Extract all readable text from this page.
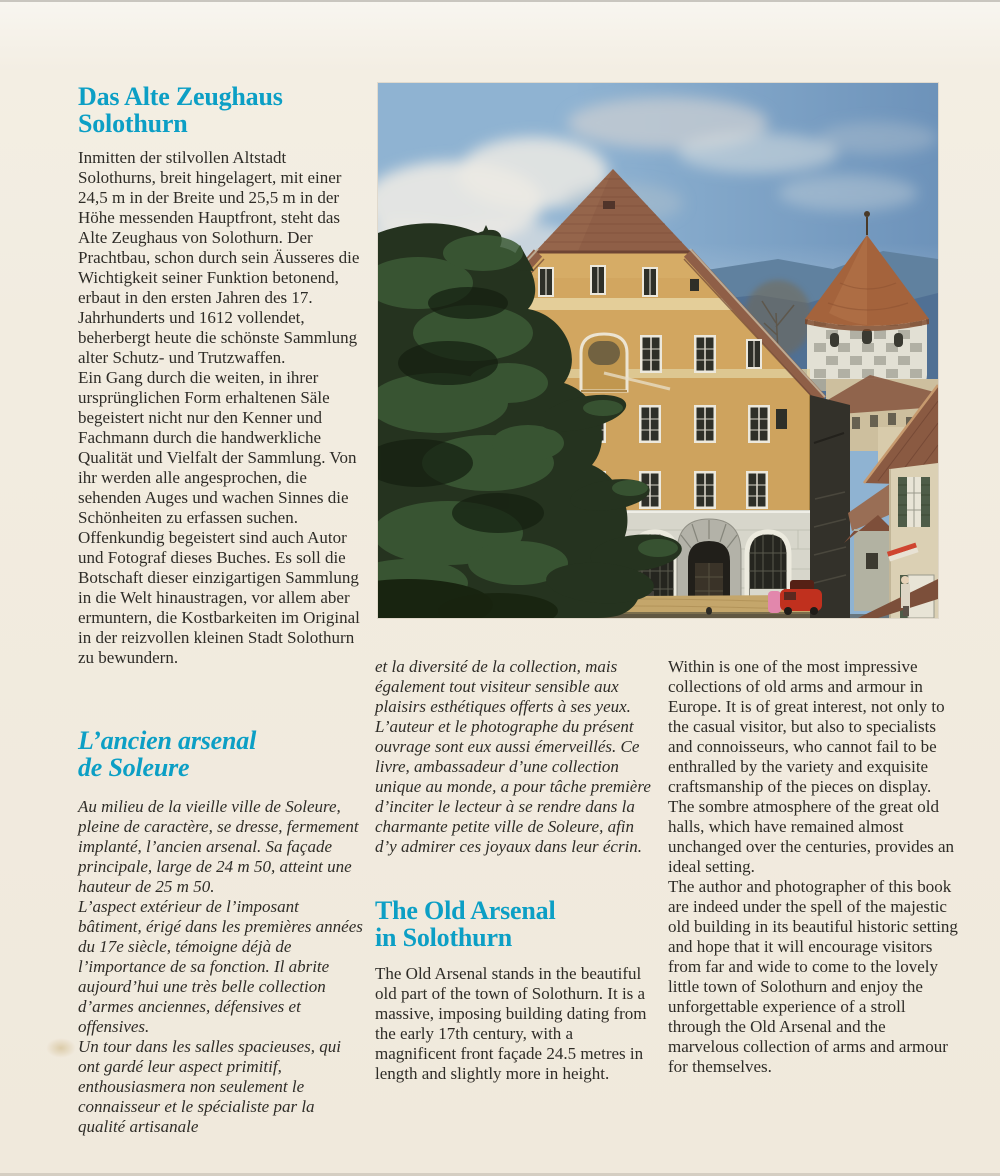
Das Alte Zeughaus
Solothurn

Inmitten der stilvollen Altstadt Solothurns, breit hingelagert, mit einer 24,5 m in der Breite und 25,5 m in der Höhe messenden Hauptfront, steht das Alte Zeughaus von Solothurn. Der Prachtbau, schon durch sein Äusseres die Wichtigkeit seiner Funktion betonend, erbaut in den ersten Jahren des 17. Jahrhunderts und 1612 vollendet, beherbergt heute die schönste Sammlung alter Schutz- und Trutzwaffen.

Ein Gang durch die weiten, in ihrer ursprünglichen Form erhaltenen Säle begeistert nicht nur den Kenner und Fachmann durch die handwerkliche Qualität und Vielfalt der Sammlung. Von ihr werden alle angesprochen, die sehenden Auges und wachen Sinnes die Schönheiten zu erfassen suchen. Offenkundig begeistert sind auch Autor und Fotograf dieses Buches. Es soll die Botschaft dieser einzigartigen Sammlung in die Welt hinaustragen, vor allem aber ermuntern, die Kostbarkeiten im Original in der reizvollen kleinen Stadt Solothurn zu bewundern.

L’ancien arsenal
de Soleure

Au milieu de la vieille ville de Soleure, pleine de caractère, se dresse, fermement implanté, l’ancien arsenal. Sa façade principale, large de 24 m 50, atteint une hauteur de 25 m 50.

L’aspect extérieur de l’imposant bâtiment, érigé dans les premières années du 17e siècle, témoigne déjà de l’importance de sa fonction. Il abrite aujourd’hui une très belle collection d’armes anciennes, défensives et offensives.

Un tour dans les salles spacieuses, qui ont gardé leur aspect primitif, enthousiasmera non seulement le connaisseur et le spécialiste par la qualité artisanale

et la diversité de la collection, mais également tout visiteur sensible aux plaisirs esthétiques offerts à ses yeux.

L’auteur et le photographe du présent ouvrage sont eux aussi émerveillés. Ce livre, ambassadeur d’une collection unique au monde, a pour tâche première d’inciter le lecteur à se rendre dans la charmante petite ville de Soleure, afin d’y admirer ces joyaux dans leur écrin.

The Old Arsenal
in Solothurn

The Old Arsenal stands in the beautiful old part of the town of Solothurn. It is a massive, imposing building dating from the early 17th century, with a magnificent front façade 24.5 metres in length and slightly more in height.

Within is one of the most impressive collections of old arms and armour in Europe. It is of great interest, not only to the casual visitor, but also to specialists and connoisseurs, who cannot fail to be enthralled by the variety and exquisite craftsmanship of the pieces on display. The sombre atmosphere of the great old halls, which have remained almost unchanged over the centuries, provides an ideal setting.

The author and photographer of this book are indeed under the spell of the majestic old building in its beautiful historic setting and hope that it will encourage visitors from far and wide to come to the lovely little town of Solothurn and enjoy the unforgettable experience of a stroll through the Old Arsenal and the marvelous collection of arms and armour for themselves.
